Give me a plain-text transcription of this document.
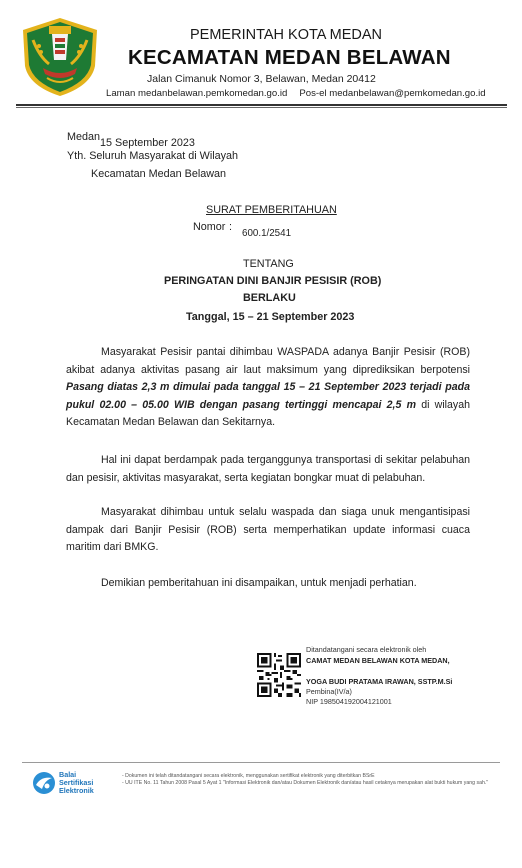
PEMERINTAH KOTA MEDAN
KECAMATAN MEDAN BELAWAN
Jalan Cimanuk Nomor 3, Belawan, Medan 20412
Laman medanbelawan.pemkomedan.go.id Pos-el medanbelawan@pemkomedan.go.id
Medan 15 September 2023
Yth. Seluruh Masyarakat di Wilayah
Kecamatan Medan Belawan
SURAT PEMBERITAHUAN
Nomor :
600.1/2541
TENTANG
PERINGATAN DINI BANJIR PESISIR (ROB)
BERLAKU
Tanggal, 15 – 21 September 2023
Masyarakat Pesisir pantai dihimbau WASPADA adanya Banjir Pesisir (ROB) akibat adanya aktivitas pasang air laut maksimum yang diprediksikan berpotensi Pasang diatas 2,3 m dimulai pada tanggal 15 – 21 September 2023 terjadi pada pukul 02.00 – 05.00 WIB dengan pasang tertinggi mencapai 2,5 m di wilayah Kecamatan Medan Belawan dan Sekitarnya.
Hal ini dapat berdampak pada terganggunya transportasi di sekitar pelabuhan dan pesisir, aktivitas masyarakat, serta kegiatan bongkar muat di pelabuhan.
Masyarakat dihimbau untuk selalu waspada dan siaga unuk mengantisipasi dampak dari Banjir Pesisir (ROB) serta memperhatikan update informasi cuaca maritim dari BMKG.
Demikian pemberitahuan ini disampaikan, untuk menjadi perhatian.
Ditandatangani secara elektronik oleh
CAMAT MEDAN BELAWAN KOTA MEDAN,
YOGA BUDI PRATAMA IRAWAN, SSTP.M.Si
Pembina(IV/a)
NIP 198504192004121001
Balai
Sertifikasi
Elektronik
- Dokumen ini telah ditandatangani secara elektronik, menggunakan sertifikat elektronik yang diterbitkan BSrE
- UU ITE No. 11 Tahun 2008 Pasal 5 Ayat 1 "Informasi Elektronik dan/atau Dokumen Elektronik dan/atau hasil cetaknya merupakan alat bukti hukum yang sah."
